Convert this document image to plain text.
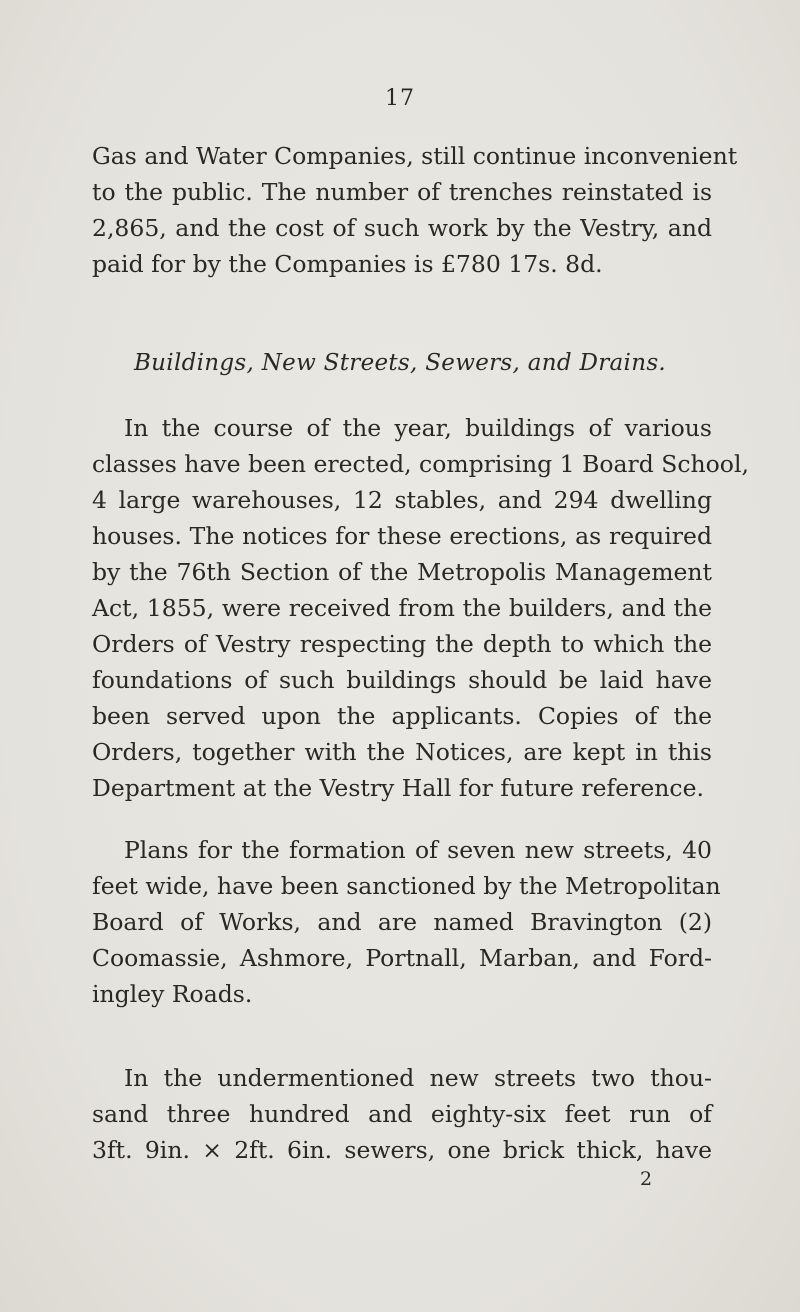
17
Gas and Water Companies, still continue inconvenient
to the public. The number of trenches reinstated is
2,865, and the cost of such work by the Vestry, and
paid for by the Companies is £780 17s. 8d.
Buildings, New Streets, Sewers, and Drains.
In the course of the year, buildings of various
classes have been erected, comprising 1 Board School,
4 large warehouses, 12 stables, and 294 dwelling
houses. The notices for these erections, as required
by the 76th Section of the Metropolis Management
Act, 1855, were received from the builders, and the
Orders of Vestry respecting the depth to which the
foundations of such buildings should be laid have
been served upon the applicants. Copies of the
Orders, together with the Notices, are kept in this
Department at the Vestry Hall for future reference.
Plans for the formation of seven new streets, 40
feet wide, have been sanctioned by the Metropolitan
Board of Works, and are named Bravington (2)
Coomassie, Ashmore, Portnall, Marban, and Ford-
ingley Roads.
In the undermentioned new streets two thou-
sand three hundred and eighty-six feet run of
3ft. 9in. × 2ft. 6in. sewers, one brick thick, have
2
